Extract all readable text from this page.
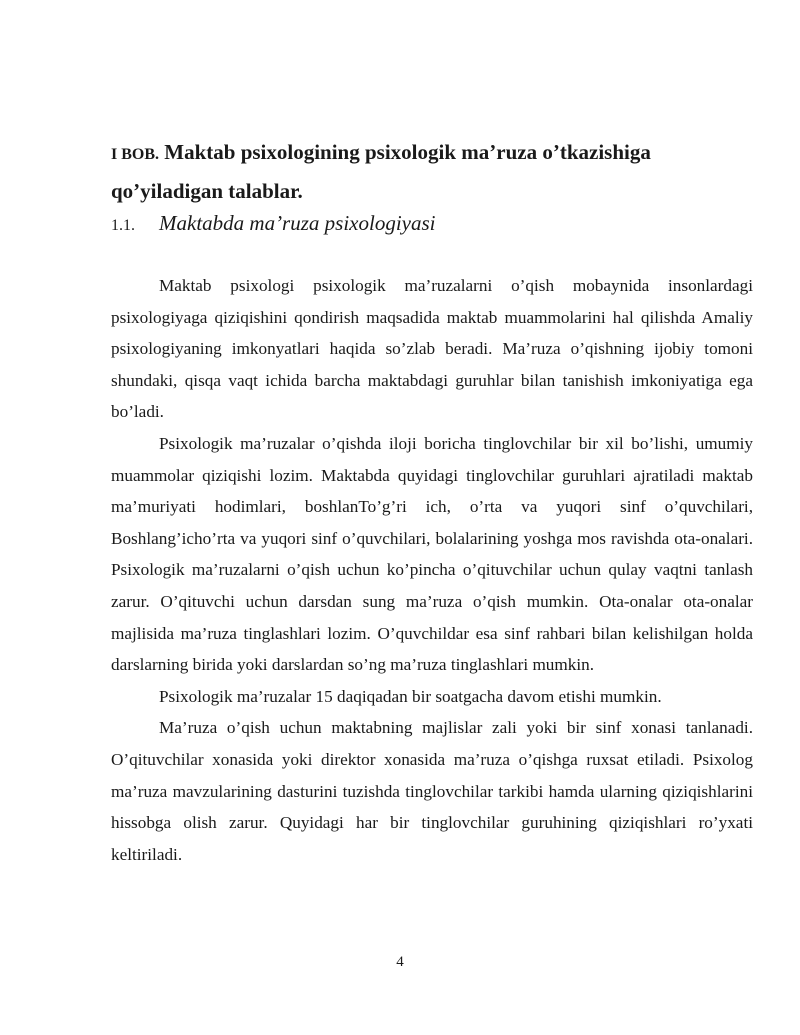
I BOB. Maktab psixologining psixologik ma’ruza o’tkazishiga qo’yiladigan talablar.
1.1. Maktabda ma’ruza psixologiyasi

Maktab psixologi psixologik ma’ruzalarni o’qish mobaynida insonlardagi psixologiyaga qiziqishini qondirish maqsadida maktab muammolarini hal qilishda Amaliy psixologiyaning imkonyatlari haqida so’zlab beradi. Ma’ruza o’qishning ijobiy tomoni shundaki, qisqa vaqt ichida barcha maktabdagi guruhlar bilan tanishish imkoniyatiga ega bo’ladi.

Psixologik ma’ruzalar o’qishda iloji boricha tinglovchilar bir xil bo’lishi, umumiy muammolar qiziqishi lozim. Maktabda quyidagi tinglovchilar guruhlari ajratiladi maktab ma’muriyati hodimlari, boshlanTo’g’ri ich, o’rta va yuqori sinf o’quvchilari, Boshlang’icho’rta va yuqori sinf o’quvchilari, bolalarining yoshga mos ravishda ota-onalari. Psixologik ma’ruzalarni o’qish uchun ko’pincha o’qituvchilar uchun qulay vaqtni tanlash zarur. O’qituvchi uchun darsdan sung ma’ruza o’qish mumkin. Ota-onalar ota-onalar majlisida ma’ruza tinglashlari lozim. O’quvchildar esa sinf rahbari bilan kelishilgan holda darslarning birida yoki darslardan so’ng ma’ruza tinglashlari mumkin.

Psixologik ma’ruzalar 15 daqiqadan bir soatgacha davom etishi mumkin.

Ma’ruza o’qish uchun maktabning majlislar zali yoki bir sinf xonasi tanlanadi. O’qituvchilar xonasida yoki direktor xonasida ma’ruza o’qishga ruxsat etiladi. Psixolog ma’ruza mavzularining dasturini tuzishda tinglovchilar tarkibi hamda ularning qiziqishlarini hissobga olish zarur. Quyidagi har bir tinglovchilar guruhining qiziqishlari ro’yxati keltiriladi.

4
